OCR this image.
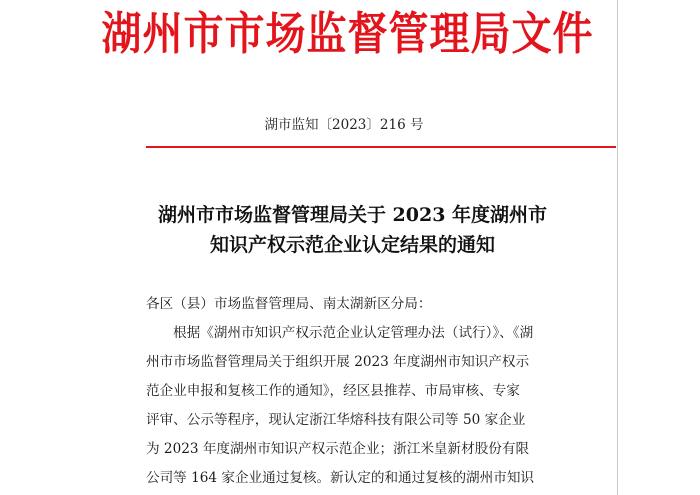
湖州市市场监督管理局文件
湖市监知〔2023〕216 号
湖州市市场监督管理局关于 2023 年度湖州市
知识产权示范企业认定结果的通知
各区（县）市场监督管理局、南太湖新区分局：
根据《湖州市知识产权示范企业认定管理办法（试行）》、《湖
州市市场监督管理局关于组织开展 2023 年度湖州市知识产权示
范企业申报和复核工作的通知》，经区县推荐、市局审核、专家
评审、公示等程序，现认定浙江华熔科技有限公司等 50 家企业
为 2023 年度湖州市知识产权示范企业；浙江米皇新材股份有限
公司等 164 家企业通过复核。新认定的和通过复核的湖州市知识
